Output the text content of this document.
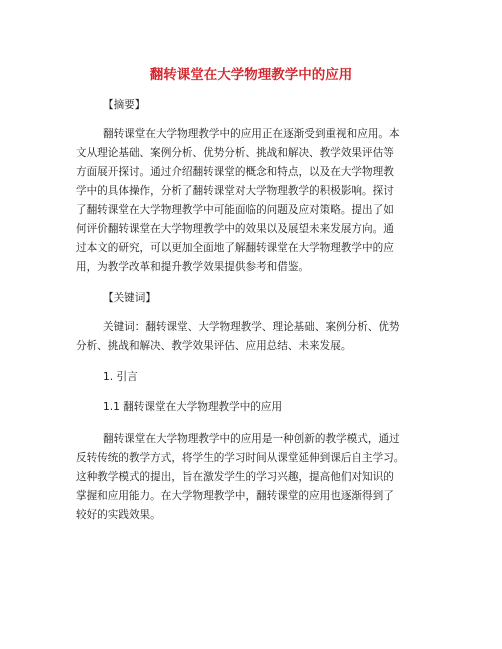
翻转课堂在大学物理教学中的应用
【摘要】
翻转课堂在大学物理教学中的应用正在逐渐受到重视和应用。本
文从理论基础、案例分析、优势分析、挑战和解决、教学效果评估等
方面展开探讨。通过介绍翻转课堂的概念和特点，以及在大学物理教
学中的具体操作，分析了翻转课堂对大学物理教学的积极影响。探讨
了翻转课堂在大学物理教学中可能面临的问题及应对策略。提出了如
何评价翻转课堂在大学物理教学中的效果以及展望未来发展方向。通
过本文的研究，可以更加全面地了解翻转课堂在大学物理教学中的应
用，为教学改革和提升教学效果提供参考和借鉴。
【关键词】
关键词：翻转课堂、大学物理教学、理论基础、案例分析、优势
分析、挑战和解决、教学效果评估、应用总结、未来发展。
1. 引言
1.1 翻转课堂在大学物理教学中的应用
翻转课堂在大学物理教学中的应用是一种创新的教学模式，通过
反转传统的教学方式，将学生的学习时间从课堂延伸到课后自主学习。
这种教学模式的提出，旨在激发学生的学习兴趣，提高他们对知识的
掌握和应用能力。在大学物理教学中，翻转课堂的应用也逐渐得到了
较好的实践效果。
